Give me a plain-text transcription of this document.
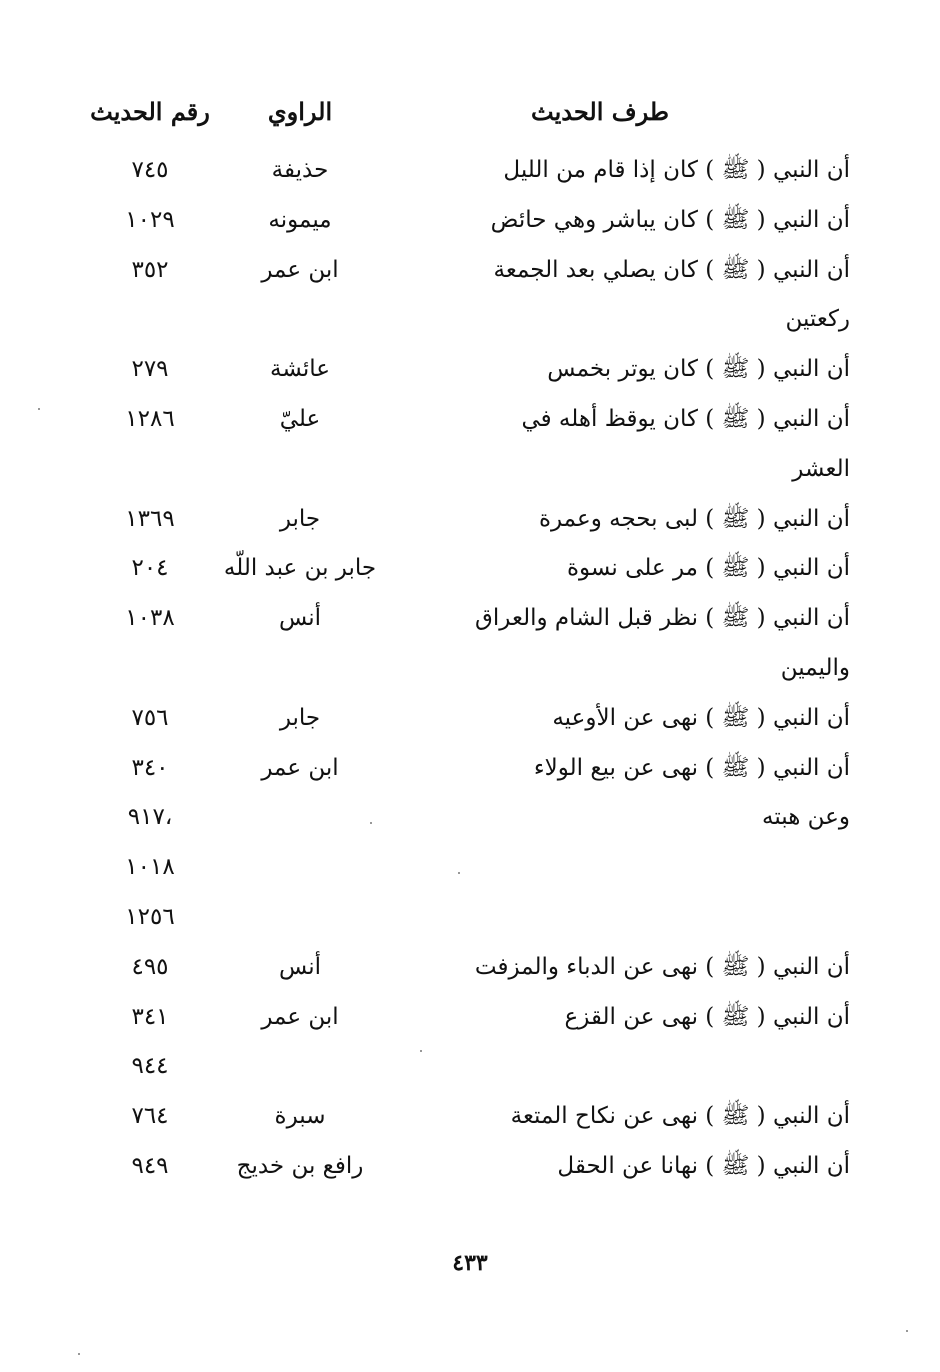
طرف الحديث
الراوي
رقم الحديث
أن النبي ( ﷺ ) كان إذا قام من الليل
حذيفة
٧٤٥
أن النبي ( ﷺ ) كان يباشر وهي حائض
ميمونه
١٠٢٩
أن النبي ( ﷺ ) كان يصلي بعد الجمعة
ابن عمر
٣٥٢
ركعتين
أن النبي ( ﷺ ) كان يوتر بخمس
عائشة
٢٧٩
أن النبي ( ﷺ ) كان يوقظ أهله في
عليّ
١٢٨٦
العشر
أن النبي ( ﷺ ) لبى بحجه وعمرة
جابر
١٣٦٩
أن النبي ( ﷺ ) مر على نسوة
جابر بن عبد اللّه
٢٠٤
أن النبي ( ﷺ ) نظر قبل الشام والعراق
أنس
١٠٣٨
واليمين
أن النبي ( ﷺ ) نهى عن الأوعيه
جابر
٧٥٦
أن النبي ( ﷺ ) نهى عن بيع الولاء
ابن عمر
٣٤٠
وعن هبته
،٩١٧
١٠١٨
١٢٥٦
أن النبي ( ﷺ ) نهى عن الدباء والمزفت
أنس
٤٩٥
أن النبي ( ﷺ ) نهى عن القزع
ابن عمر
٣٤١
٩٤٤
أن النبي ( ﷺ ) نهى عن نكاح المتعة
سبرة
٧٦٤
أن النبي ( ﷺ ) نهانا عن الحقل
رافع بن خديج
٩٤٩
٤٣٣
